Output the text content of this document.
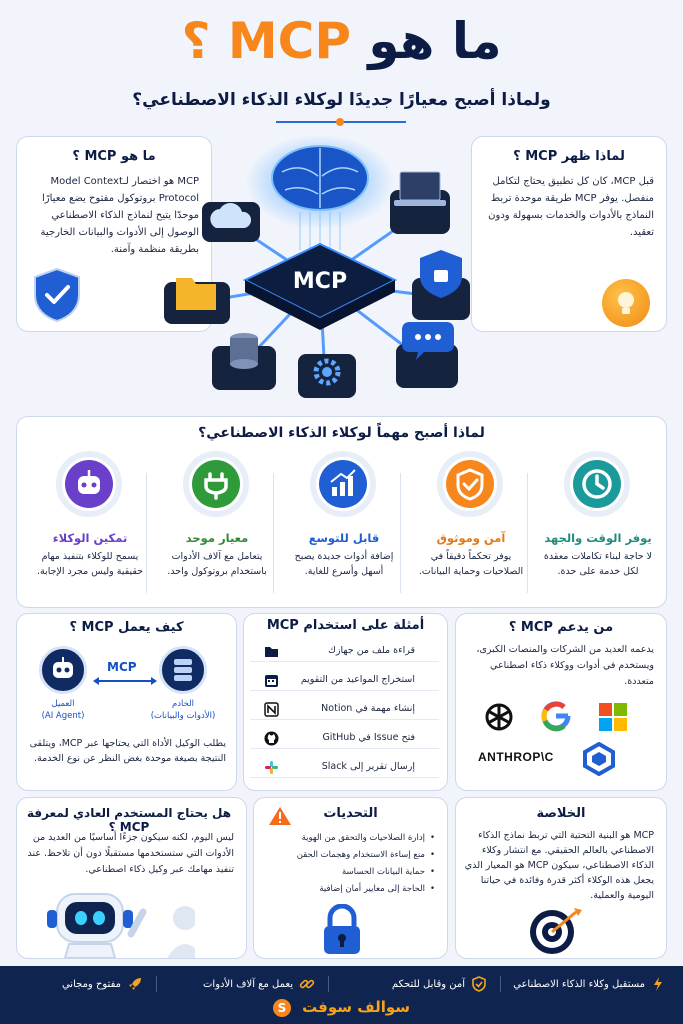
ما هو MCP ؟
ولماذا أصبح معيارًا جديدًا لوكلاء الذكاء الاصطناعي؟
ما هو MCP ؟
MCP هو اختصار لـModel Context Protocol بروتوكول مفتوح يضع معيارًا موحدًا يتيح لنماذج الذكاء الاصطناعي الوصول إلى الأدوات والبيانات الخارجية بطريقة منظمة وآمنة.
لماذا ظهر MCP ؟
قبل MCP، كان كل تطبيق يحتاج لتكامل منفصل. يوفر MCP طريقة موحدة تربط النماذج بالأدوات والخدمات بسهولة ودون تعقيد.
MCP
لماذا أصبح مهماً لوكلاء الذكاء الاصطناعي؟
يوفر الوقت والجهد
لا حاجة لبناء تكاملات معقدة لكل خدمة على حدة.
آمن وموثوق
يوفر تحكماً دقيقاً في الصلاحيات وحماية البيانات.
قابل للتوسع
إضافة أدوات جديدة يصبح أسهل وأسرع للغاية.
معيار موحد
يتعامل مع آلاف الأدوات باستخدام بروتوكول واحد.
تمكين الوكلاء
يسمح للوكلاء بتنفيذ مهام حقيقية وليس مجرد الإجابة.
كيف يعمل MCP ؟
MCP
الخادم
(الأدوات والبيانات)
العميل
(AI Agent)
يطلب الوكيل الأداة التي يحتاجها عبر MCP، ويتلقى النتيجة بصيغة موحدة بغض النظر عن نوع الخدمة.
أمثلة على استخدام MCP
قراءة ملف من جهازك
استخراج المواعيد من التقويم
إنشاء مهمة في Notion
فتح Issue في GitHub
إرسال تقرير إلى Slack
من يدعم MCP ؟
يدعمه العديد من الشركات والمنصات الكبرى، ويستخدم في أدوات ووكلاء ذكاء اصطناعي متعددة.
ANTHROP\C
هل يحتاج المستخدم العادي لمعرفة MCP ؟
ليس اليوم، لكنه سيكون جزءًا أساسيًا من العديد من الأدوات التي ستستخدمها مستقبلًا دون أن تلاحظ. عند تنفيذ مهامك عبر وكيل ذكاء اصطناعي.
التحديات
• إدارة الصلاحيات والتحقق من الهوية
• منع إساءة الاستخدام وهجمات الحقن
• حماية البيانات الحساسة
• الحاجة إلى معايير أمان إضافية
الخلاصة
MCP هو البنية التحتية التي تربط نماذج الذكاء الاصطناعي بالعالم الحقيقي. مع انتشار وكلاء الذكاء الاصطناعي، سيكون MCP هو المعيار الذي يجعل هذه الوكلاء أكثر قدرة وفائدة في حياتنا اليومية والعملية.
مستقبل وكلاء الذكاء الاصطناعي
آمن وقابل للتحكم
يعمل مع آلاف الأدوات
مفتوح ومجاني
سوالف سوفت S
